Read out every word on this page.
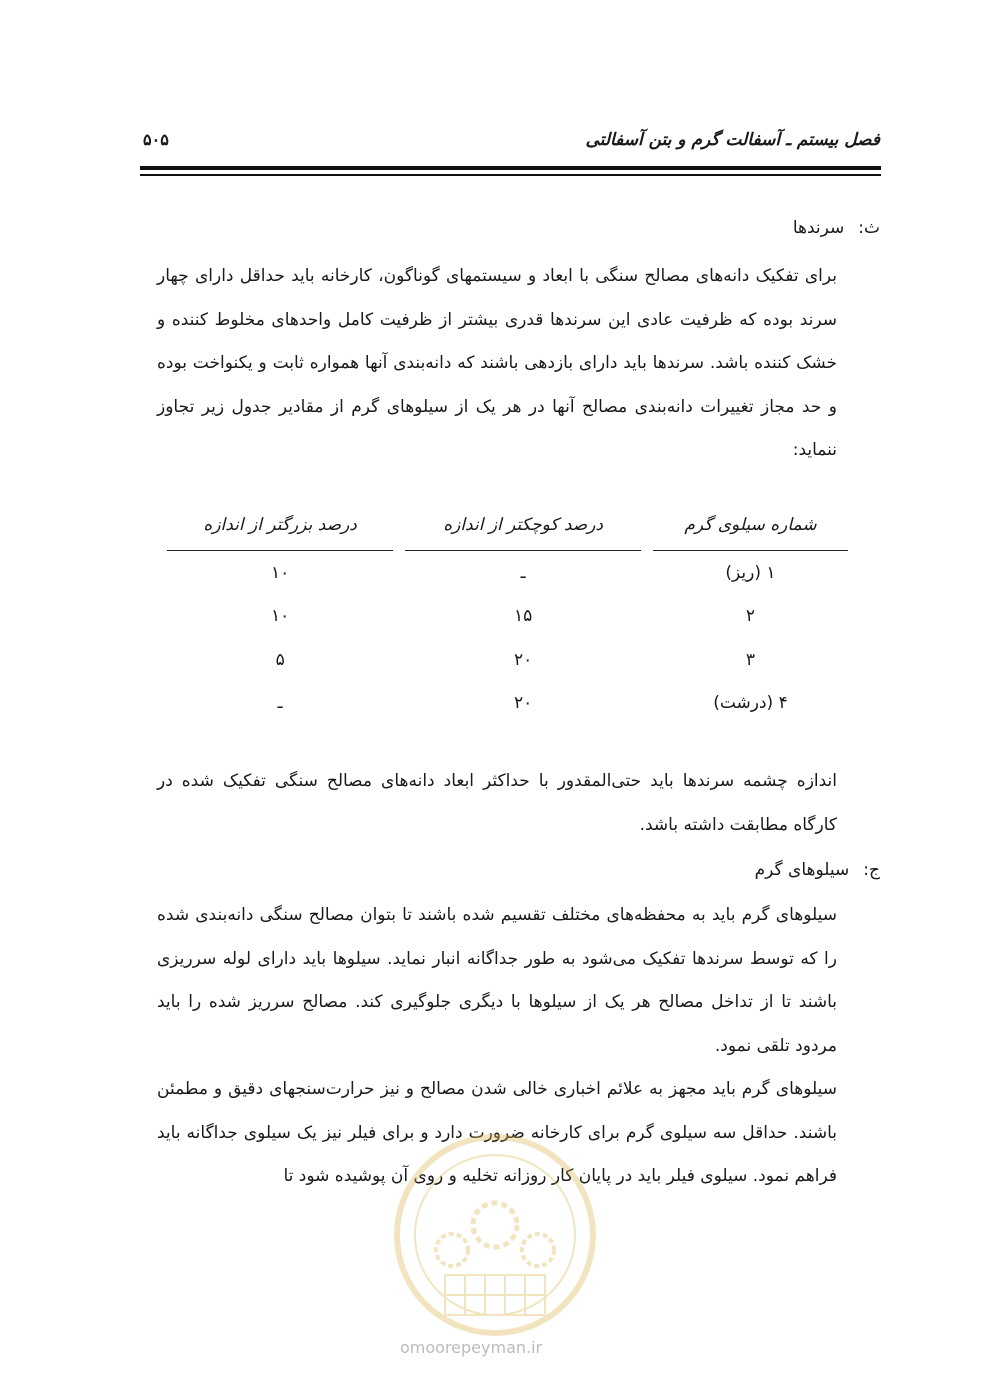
فصل بیستم ـ آسفالت گرم و بتن آسفالتی
۵۰۵
ث:
سرندها

برای تفکیک دانه‌های مصالح سنگی با ابعاد و سیستمهای گوناگون، کارخانه باید حداقل دارای چهار سرند بوده که ظرفیت عادی این سرندها قدری بیشتر از ظرفیت کامل واحدهای مخلوط کننده و خشک کننده باشد. سرندها باید دارای بازدهی باشند که دانه‌بندی آنها همواره ثابت و یکنواخت بوده و حد مجاز تغییرات دانه‌بندی مصالح آنها در هر یک از سیلوهای گرم از مقادیر جدول زیر تجاوز ننماید:

شماره سیلوی گرم	درصد کوچکتر از اندازه	درصد بزرگتر از اندازه
۱ (ریز)	ـ	۱۰
۲	۱۵	۱۰
۳	۲۰	۵
۴ (درشت)	۲۰	ـ

اندازه چشمه سرندها باید حتی‌المقدور با حداکثر ابعاد دانه‌های مصالح سنگی تفکیک شده در کارگاه مطابقت داشته باشد.

ج:
سیلوهای گرم

سیلوهای گرم باید به محفظه‌های مختلف تقسیم شده باشند تا بتوان مصالح سنگی دانه‌بندی شده را که توسط سرندها تفکیک می‌شود به طور جداگانه انبار نماید. سیلوها باید دارای لوله سرریزی باشند تا از تداخل مصالح هر یک از سیلوها با دیگری جلوگیری کند. مصالح سرریز شده را باید مردود تلقی نمود.

سیلوهای گرم باید مجهز به علائم اخباری خالی شدن مصالح و نیز حرارت‌سنجهای دقیق و مطمئن باشند. حداقل سه سیلوی گرم برای کارخانه ضرورت دارد و برای فیلر نیز یک سیلوی جداگانه باید فراهم نمود. سیلوی فیلر باید در پایان کار روزانه تخلیه و روی آن پوشیده شود تا

omoorepeyman.ir
